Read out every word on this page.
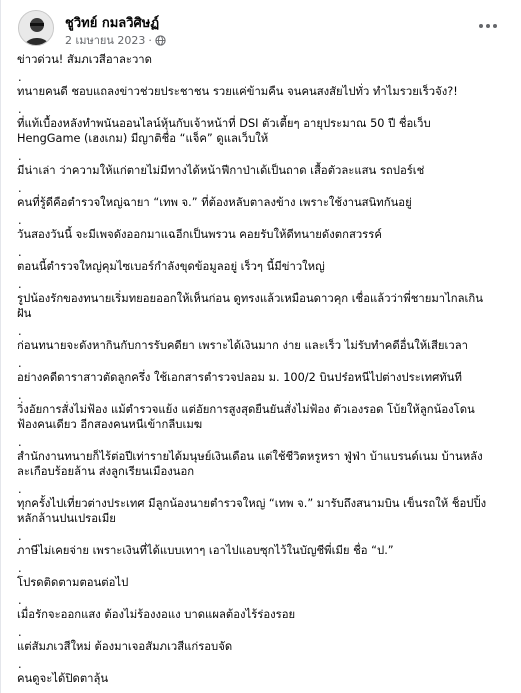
ชูวิทย์ กมลวิศิษฏ์
2 เมษายน 2023 ·

ข่าวด่วน! สัมภเวสีอาละวาด

.

ทนายคนดี ชอบแถลงข่าวช่วยประชาชน รวยแค่ข้ามคืน จนคนสงสัยไปทั่ว ทำไมรวยเร็วจัง?!

.

ที่แท้เบื้องหลังทำพนันออนไลน์หุ้นกับเจ้าหน้าที่ DSI ตัวเตี้ยๆ อายุประมาณ 50 ปี ชื่อเว็บ HengGame (เฮงเกม) มีญาติชื่อ “แจ็ค” ดูแลเว็บให้

.

มีน่าเล่า ว่าความให้แก่ตายไม่มีทางได้หน้าฟีกาป่าเด้เป็นถาด เสื้อตัวละแสน รถปอร์เช่

.

คนที่รู้ดีคือตำรวจใหญ่ฉายา “เทพ จ.” ที่ต้องหลับตาลงข้าง เพราะใช้งานสนิทกันอยู่

.

วันสองวันนี้ จะมีเพจดังออกมาแฉอีกเป็นพรวน คอยรับให้ดีทนายดังตกสวรรค์

.

ตอนนี้ตำรวจใหญ่คุมไซเบอร์กำลังขุดข้อมูลอยู่ เร็วๆ นี้มีข่าวใหญ่

.

รูปน้องรักของทนายเริ่มทยอยออกให้เห็นก่อน ดูทรงแล้วเหมือนดาวคุก เชื่อแล้วว่าพี่ชายมาไกลเกินฝัน

.

ก่อนทนายจะดังหากินกับการรับคดียา เพราะได้เงินมาก ง่าย และเร็ว ไม่รับทำคดีอื่นให้เสียเวลา

.

อย่างคดีดาราสาวตัดลูกครึ่ง ใช้เอกสารตำรวจปลอม ม. 100/2 บินปร๋อหนีไปต่างประเทศทันที

.

วิ่งอัยการสั่งไม่ฟ้อง แม้ตำรวจแย้ง แต่อัยการสูงสุดยืนยันสั่งไม่ฟ้อง ตัวเองรอด โบ้ยให้ลูกน้องโดนฟ้องคนเดียว อีกสองคนหนีเข้ากลีบเมฆ

.

สำนักงานทนายก็ไร้ต่อปีเท่ารายได้มนุษย์เงินเดือน แต่ใช้ชีวิตหรูหรา ฟู่ฟ่า บ้าแบรนด์เนม บ้านหลังละเกือบร้อยล้าน ส่งลูกเรียนเมืองนอก

.

ทุกครั้งไปเที่ยวต่างประเทศ มีลูกน้องนายตำรวจใหญ่ “เทพ จ.” มารับถึงสนามบิน เข็นรถให้ ช็อปปิ้งหลักล้านปนเปรอเมีย

.

ภาษีไม่เคยจ่าย เพราะเงินที่ได้แบบเทาๆ เอาไปแอบซุกไว้ในบัญชีพี่เมีย ชื่อ “ป.”

.

โปรดติดตามตอนต่อไป

.

เมื่อรักจะออกแสง ต้องไม่ร้องงอแง บาดแผลต้องไร้ร่องรอย

.

แต่สัมภเวสีใหม่ ต้องมาเจอสัมภเวสีแก่รอบจัด

.

คนดูจะได้ปิดตาลุ้น
